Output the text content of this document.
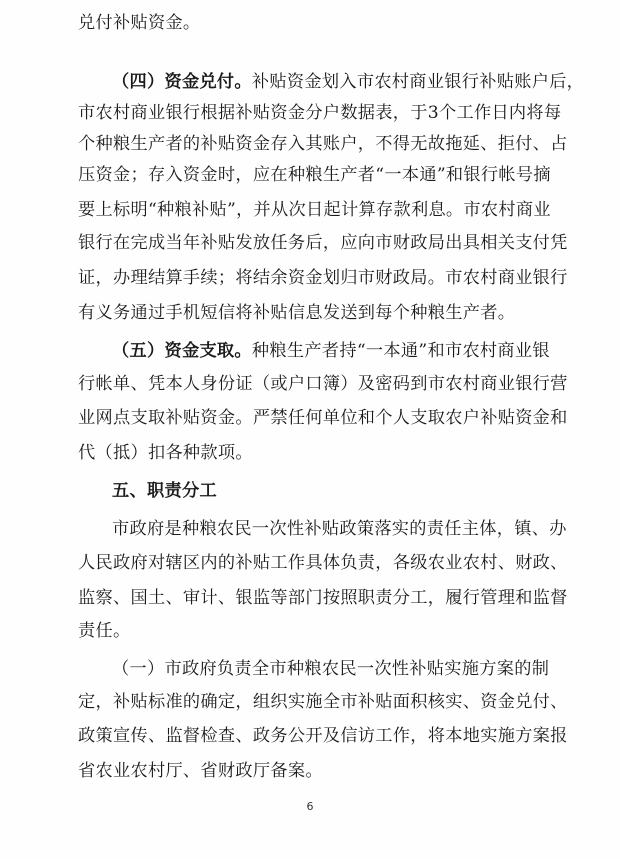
兑付补贴资金。
（四）资金兑付。补贴资金划入市农村商业银行补贴账户后，
市农村商业银行根据补贴资金分户数据表，于3个工作日内将每
个种粮生产者的补贴资金存入其账户，不得无故拖延、拒付、占
压资金；存入资金时，应在种粮生产者“一本通”和银行帐号摘
要上标明“种粮补贴”，并从次日起计算存款利息。市农村商业
银行在完成当年补贴发放任务后，应向市财政局出具相关支付凭
证，办理结算手续；将结余资金划归市财政局。市农村商业银行
有义务通过手机短信将补贴信息发送到每个种粮生产者。
（五）资金支取。种粮生产者持“一本通”和市农村商业银
行帐单、凭本人身份证（或户口簿）及密码到市农村商业银行营
业网点支取补贴资金。严禁任何单位和个人支取农户补贴资金和
代（抵）扣各种款项。
五、职责分工
市政府是种粮农民一次性补贴政策落实的责任主体，镇、办
人民政府对辖区内的补贴工作具体负责，各级农业农村、财政、
监察、国土、审计、银监等部门按照职责分工，履行管理和监督
责任。
（一）市政府负责全市种粮农民一次性补贴实施方案的制
定，补贴标准的确定，组织实施全市补贴面积核实、资金兑付、
政策宣传、监督检查、政务公开及信访工作，将本地实施方案报
省农业农村厅、省财政厅备案。
6
